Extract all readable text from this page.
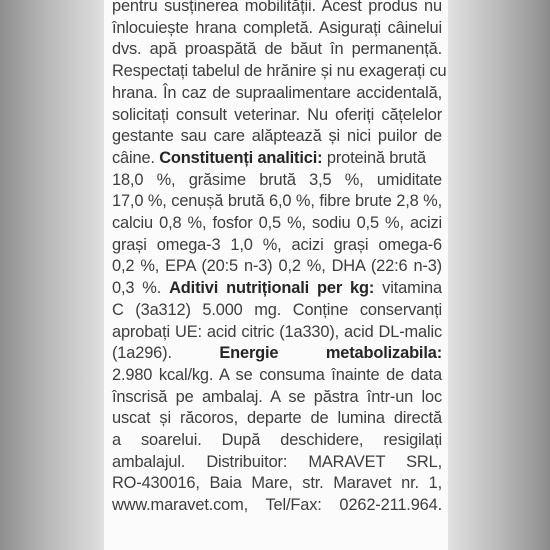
pentru susținerea mobilității. Acest produs nu
înlocuiește hrana completă. Asigurați câinelui
dvs. apă proaspătă de băut în permanență.
Respectați tabelul de hrănire și nu exagerați cu
hrana. În caz de supraalimentare accidentală,
solicitați consult veterinar. Nu oferiți cățelelor
gestante sau care alăptează și nici puilor de
câine. Constituenți analitici: proteină brută
18,0 %, grăsime brută 3,5 %, umiditate
17,0 %, cenușă brută 6,0 %, fibre brute 2,8 %,
calciu 0,8 %, fosfor 0,5 %, sodiu 0,5 %, acizi
grași omega-3 1,0 %, acizi grași omega-6
0,2 %, EPA (20:5 n-3) 0,2 %, DHA (22:6 n-3)
0,3 %. Aditivi nutriționali per kg: vitamina
C (3a312) 5.000 mg. Conține conservanți
aprobați UE: acid citric (1a330), acid DL-malic
(1a296).	Energie metabolizabila:
2.980 kcal/kg. A se consuma înainte de data
înscrisă pe ambalaj. A se păstra într-un loc
uscat și răcoros, departe de lumina directă
a soarelui. După deschidere, resigilați
ambalajul. Distribuitor: MARAVET SRL,
RO-430016, Baia Mare, str. Maravet nr. 1,
www.maravet.com, Tel/Fax: 0262-211.964.
